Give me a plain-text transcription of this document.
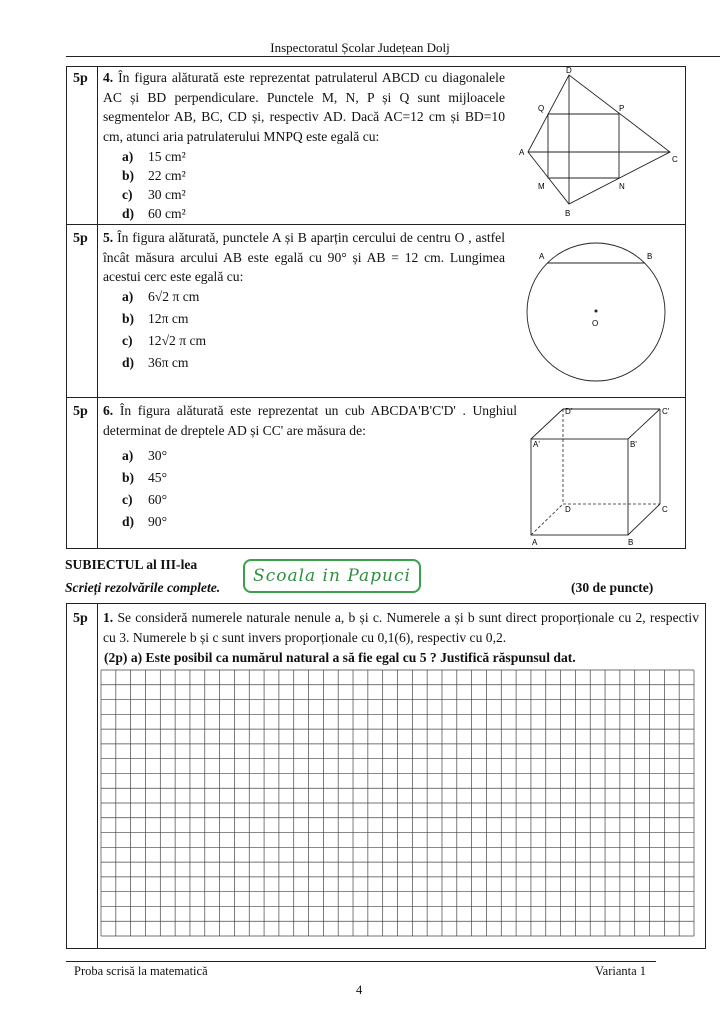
Inspectoratul Școlar Județean Dolj
5p 4. În figura alăturată este reprezentat patrulaterul ABCD cu diagonalele AC și BD perpendiculare. Punctele M, N, P și Q sunt mijloacele segmentelor AB, BC, CD și, respectiv AD. Dacă AC=12 cm și BD=10 cm, atunci aria patrulaterului MNPQ este egală cu:
a) 15 cm²
b) 22 cm²
c) 30 cm²
d) 60 cm²
D
A
C
B
Q	P
M	N
5p 5. În figura alăturată, punctele A și B aparțin cercului de centru O , astfel încât măsura arcului AB este egală cu 90° și AB = 12 cm. Lungimea acestui cerc este egală cu:
a) 6√2 π cm
b) 12π cm
c) 12√2 π cm
d) 36π cm
A	B
O
5p 6. În figura alăturată este reprezentat un cub ABCDA'B'C'D' . Unghiul determinat de dreptele AD și CC' are măsura de:
a) 30°
b) 45°
c) 60°
d) 90°
D'	C'
A'	B'
D	C
A	B
SUBIECTUL al III-lea
Scrieți rezolvările complete.
Scoala in Papuci
(30 de puncte)
5p 1. Se consideră numerele naturale nenule a, b și c. Numerele a și b sunt direct proporționale cu 2, respectiv cu 3. Numerele b și c sunt invers proporționale cu 0,1(6), respectiv cu 0,2.
(2p) a) Este posibil ca numărul natural a să fie egal cu 5 ? Justifică răspunsul dat.
Proba scrisă la matematică	Varianta 1
4
